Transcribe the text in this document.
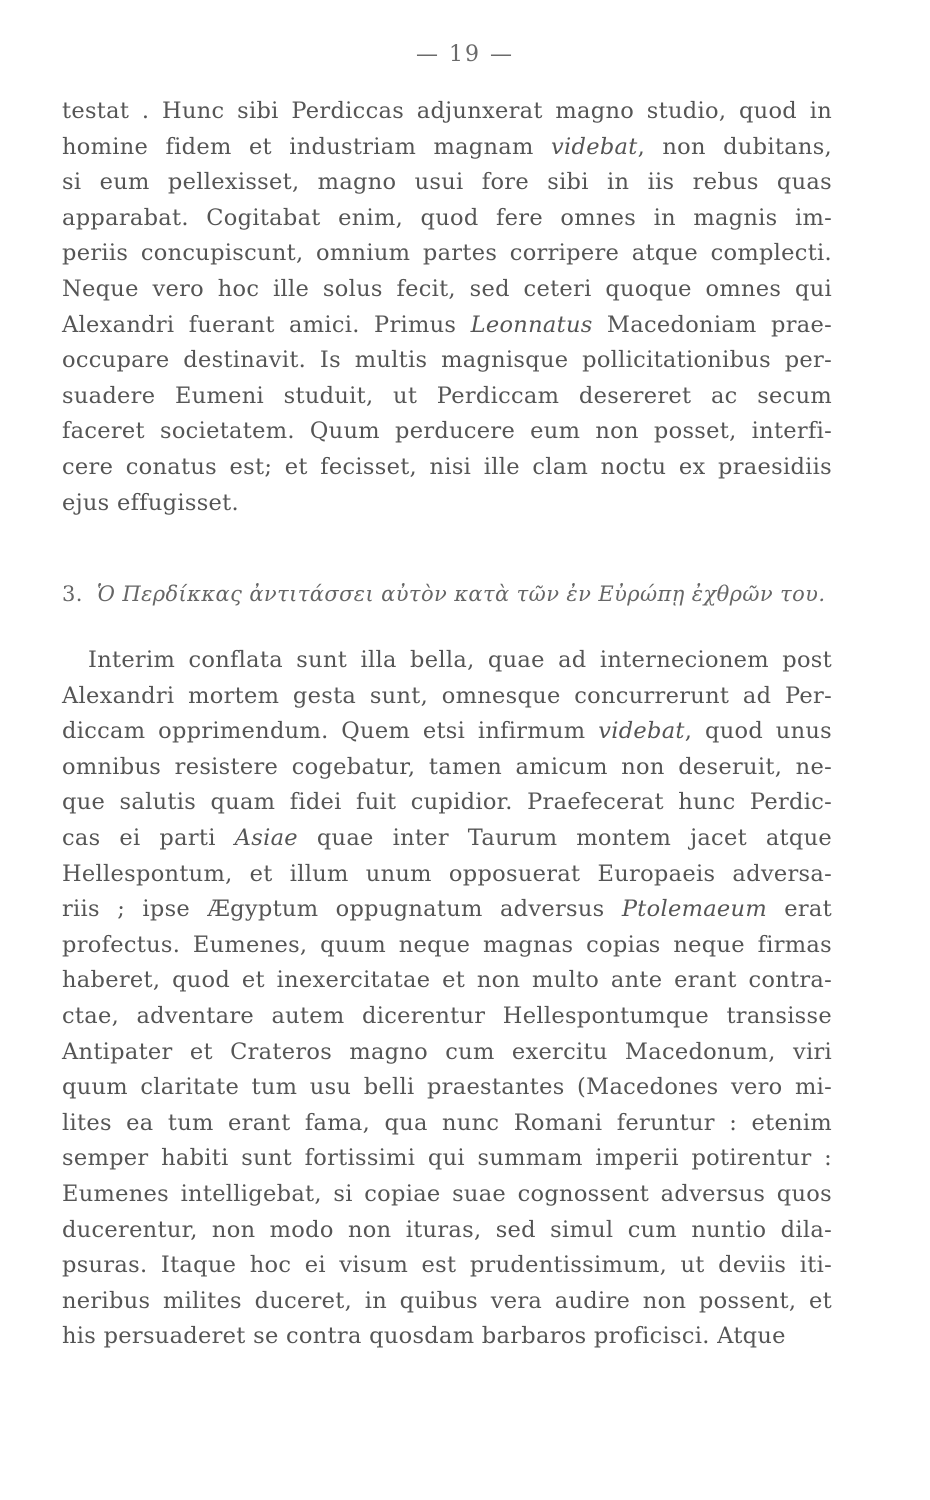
— 19 —
testat . Hunc sibi Perdiccas adjunxerat magno studio, quod in
homine fidem et industriam magnam videbat, non dubitans,
si eum pellexisset, magno usui fore sibi in iis rebus quas
apparabat. Cogitabat enim, quod fere omnes in magnis im-
periis concupiscunt, omnium partes corripere atque complecti.
Neque vero hoc ille solus fecit, sed ceteri quoque omnes qui
Alexandri fuerant amici. Primus Leonnatus Macedoniam prae-
occupare destinavit. Is multis magnisque pollicitationibus per-
suadere Eumeni studuit, ut Perdiccam desereret ac secum
faceret societatem. Quum perducere eum non posset, interfi-
cere conatus est; et fecisset, nisi ille clam noctu ex praesidiis
ejus effugisset.
3. Ὁ Περδίκκας ἀντιτάσσει αὐτὸν κατὰ τῶν ἐν Εὐρώπῃ ἐχθρῶν του.
Interim conflata sunt illa bella, quae ad internecionem post
Alexandri mortem gesta sunt, omnesque concurrerunt ad Per-
diccam opprimendum. Quem etsi infirmum videbat, quod unus
omnibus resistere cogebatur, tamen amicum non deseruit, ne-
que salutis quam fidei fuit cupidior. Praefecerat hunc Perdic-
cas ei parti Asiae quae inter Taurum montem jacet atque
Hellespontum, et illum unum opposuerat Europaeis adversa-
riis ; ipse Ægyptum oppugnatum adversus Ptolemaeum erat
profectus. Eumenes, quum neque magnas copias neque firmas
haberet, quod et inexercitatae et non multo ante erant contra-
ctae, adventare autem dicerentur Hellespontumque transisse
Antipater et Crateros magno cum exercitu Macedonum, viri
quum claritate tum usu belli praestantes (Macedones vero mi-
lites ea tum erant fama, qua nunc Romani feruntur : etenim
semper habiti sunt fortissimi qui summam imperii potirentur :
Eumenes intelligebat, si copiae suae cognossent adversus quos
ducerentur, non modo non ituras, sed simul cum nuntio dila-
psuras. Itaque hoc ei visum est prudentissimum, ut deviis iti-
neribus milites duceret, in quibus vera audire non possent, et
his persuaderet se contra quosdam barbaros proficisci. Atque
